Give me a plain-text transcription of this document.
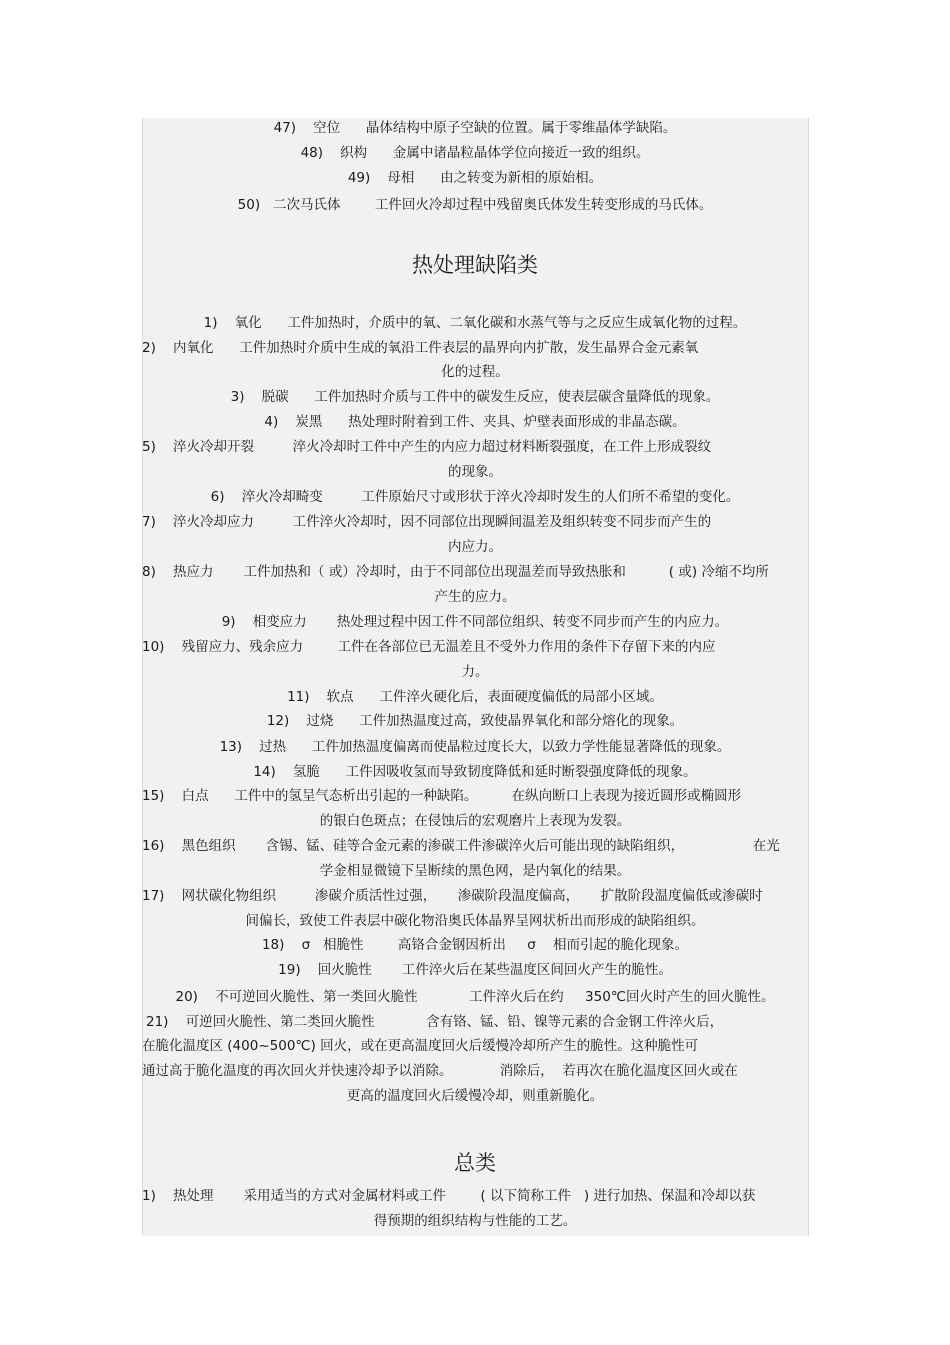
47)    空位      晶体结构中原子空缺的位置。属于零维晶体学缺陷。
48)    织构      金属中诸晶粒晶体学位向接近一致的组织。
49)    母相      由之转变为新相的原始相。
50)   二次马氏体        工件回火冷却过程中残留奥氏体发生转变形成的马氏体。
热处理缺陷类
1)    氧化      工件加热时，介质中的氧、二氧化碳和水蒸气等与之反应生成氧化物的过程。
2)    内氧化      工件加热时介质中生成的氧沿工件表层的晶界向内扩散，发生晶界合金元素氧
化的过程。
3)    脱碳      工件加热时介质与工件中的碳发生反应，使表层碳含量降低的现象。
4)    炭黑      热处理时附着到工件、夹具、炉壁表面形成的非晶态碳。
5)    淬火冷却开裂         淬火冷却时工件中产生的内应力超过材料断裂强度，在工件上形成裂纹
的现象。
6)    淬火冷却畸变         工件原始尺寸或形状于淬火冷却时发生的人们所不希望的变化。
7)    淬火冷却应力         工件淬火冷却时，因不同部位出现瞬间温差及组织转变不同步而产生的
内应力。
8)    热应力       工件加热和（ 或）冷却时，由于不同部位出现温差而导致热胀和          ( 或) 冷缩不均所
产生的应力。
9)    相变应力       热处理过程中因工件不同部位组织、转变不同步而产生的内应力。
10)    残留应力、残余应力        工件在各部位已无温差且不受外力作用的条件下存留下来的内应
力。
11)    软点      工件淬火硬化后，表面硬度偏低的局部小区域。
12)    过烧      工件加热温度过高，致使晶界氧化和部分熔化的现象。
13)    过热      工件加热温度偏离而使晶粒过度长大，以致力学性能显著降低的现象。
14)    氢脆      工件因吸收氢而导致韧度降低和延时断裂强度降低的现象。
15)    白点      工件中的氢呈气态析出引起的一种缺陷。        在纵向断口上表现为接近圆形或椭圆形
的银白色斑点；在侵蚀后的宏观磨片上表现为发裂。
16)    黑色组织       含锡、锰、硅等合金元素的渗碳工件渗碳淬火后可能出现的缺陷组织，                在光
学金相显微镜下呈断续的黑色网，是内氧化的结果。
17)    网状碳化物组织         渗碳介质活性过强，     渗碳阶段温度偏高，     扩散阶段温度偏低或渗碳时
间偏长，致使工件表层中碳化物沿奥氏体晶界呈网状析出而形成的缺陷组织。
18)    σ   相脆性        高铬合金钢因析出     σ    相而引起的脆化现象。
19)    回火脆性       工件淬火后在某些温度区间回火产生的脆性。
20)    不可逆回火脆性、第一类回火脆性            工件淬火后在约     350℃回火时产生的回火脆性。
21)    可逆回火脆性、第二类回火脆性            含有铬、锰、铅、镍等元素的合金钢工件淬火后，
在脆化温度区 (400~500℃) 回火，或在更高温度回火后缓慢冷却所产生的脆性。这种脆性可
通过高于脆化温度的再次回火并快速冷却予以消除。           消除后，  若再次在脆化温度区回火或在
更高的温度回火后缓慢冷却，则重新脆化。
总类
1)    热处理       采用适当的方式对金属材料或工件        ( 以下简称工件   ) 进行加热、保温和冷却以获
得预期的组织结构与性能的工艺。
